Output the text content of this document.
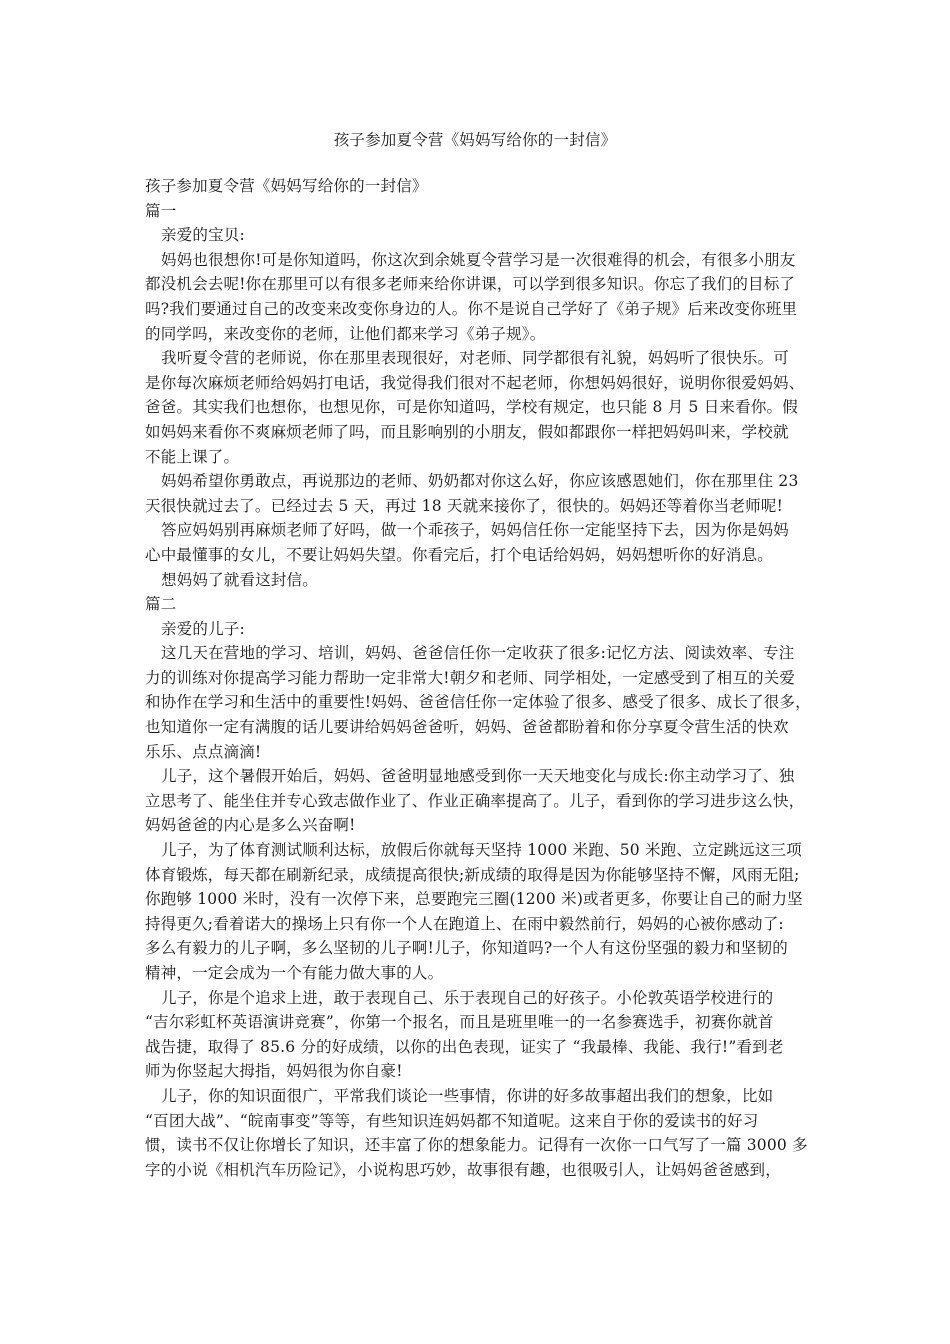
孩子参加夏令营《妈妈写给你的一封信》
孩子参加夏令营《妈妈写给你的一封信》
篇一
亲爱的宝贝:
妈妈也很想你!可是你知道吗，你这次到余姚夏令营学习是一次很难得的机会，有很多小朋友
都没机会去呢!你在那里可以有很多老师来给你讲课，可以学到很多知识。你忘了我们的目标了
吗?我们要通过自己的改变来改变你身边的人。你不是说自己学好了《弟子规》后来改变你班里
的同学吗，来改变你的老师，让他们都来学习《弟子规》。
我听夏令营的老师说，你在那里表现很好，对老师、同学都很有礼貌，妈妈听了很快乐。可
是你每次麻烦老师给妈妈打电话，我觉得我们很对不起老师，你想妈妈很好，说明你很爱妈妈、
爸爸。其实我们也想你，也想见你，可是你知道吗，学校有规定，也只能 8 月 5 日来看你。假
如妈妈来看你不爽麻烦老师了吗，而且影响别的小朋友，假如都跟你一样把妈妈叫来，学校就
不能上课了。
妈妈希望你勇敢点，再说那边的老师、奶奶都对你这么好，你应该感恩她们，你在那里住 23
天很快就过去了。已经过去 5 天，再过 18 天就来接你了，很快的。妈妈还等着你当老师呢!
答应妈妈别再麻烦老师了好吗，做一个乖孩子，妈妈信任你一定能坚持下去，因为你是妈妈
心中最懂事的女儿，不要让妈妈失望。你看完后，打个电话给妈妈，妈妈想听你的好消息。
想妈妈了就看这封信。
篇二
亲爱的儿子:
这几天在营地的学习、培训，妈妈、爸爸信任你一定收获了很多:记忆方法、阅读效率、专注
力的训练对你提高学习能力帮助一定非常大!朝夕和老师、同学相处，一定感受到了相互的关爱
和协作在学习和生活中的重要性!妈妈、爸爸信任你一定体验了很多、感受了很多、成长了很多，
也知道你一定有满腹的话儿要讲给妈妈爸爸听，妈妈、爸爸都盼着和你分享夏令营生活的快欢
乐乐、点点滴滴!
儿子，这个暑假开始后，妈妈、爸爸明显地感受到你一天天地变化与成长:你主动学习了、独
立思考了、能坐住并专心致志做作业了、作业正确率提高了。儿子，看到你的学习进步这么快，
妈妈爸爸的内心是多么兴奋啊!
儿子，为了体育测试顺利达标，放假后你就每天坚持 1000 米跑、50 米跑、立定跳远这三项
体育锻炼，每天都在刷新纪录，成绩提高很快;新成绩的取得是因为你能够坚持不懈，风雨无阻;
你跑够 1000 米时，没有一次停下来，总要跑完三圈(1200 米)或者更多，你要让自己的耐力坚
持得更久;看着诺大的操场上只有你一个人在跑道上、在雨中毅然前行，妈妈的心被你感动了:
多么有毅力的儿子啊，多么坚韧的儿子啊!儿子，你知道吗?一个人有这份坚强的毅力和坚韧的
精神，一定会成为一个有能力做大事的人。
儿子，你是个追求上进，敢于表现自己、乐于表现自己的好孩子。小伦敦英语学校进行的
“吉尔彩虹杯英语演讲竞赛”，你第一个报名，而且是班里唯一的一名参赛选手，初赛你就首
战告捷，取得了 85.6 分的好成绩，以你的出色表现，证实了 “我最棒、我能、我行!”看到老
师为你竖起大拇指，妈妈很为你自豪!
儿子，你的知识面很广，平常我们谈论一些事情，你讲的好多故事超出我们的想象，比如
“百团大战”、“皖南事变”等等，有些知识连妈妈都不知道呢。这来自于你的爱读书的好习
惯，读书不仅让你增长了知识，还丰富了你的想象能力。记得有一次你一口气写了一篇 3000 多
字的小说《相机汽车历险记》，小说构思巧妙，故事很有趣，也很吸引人，让妈妈爸爸感到，
